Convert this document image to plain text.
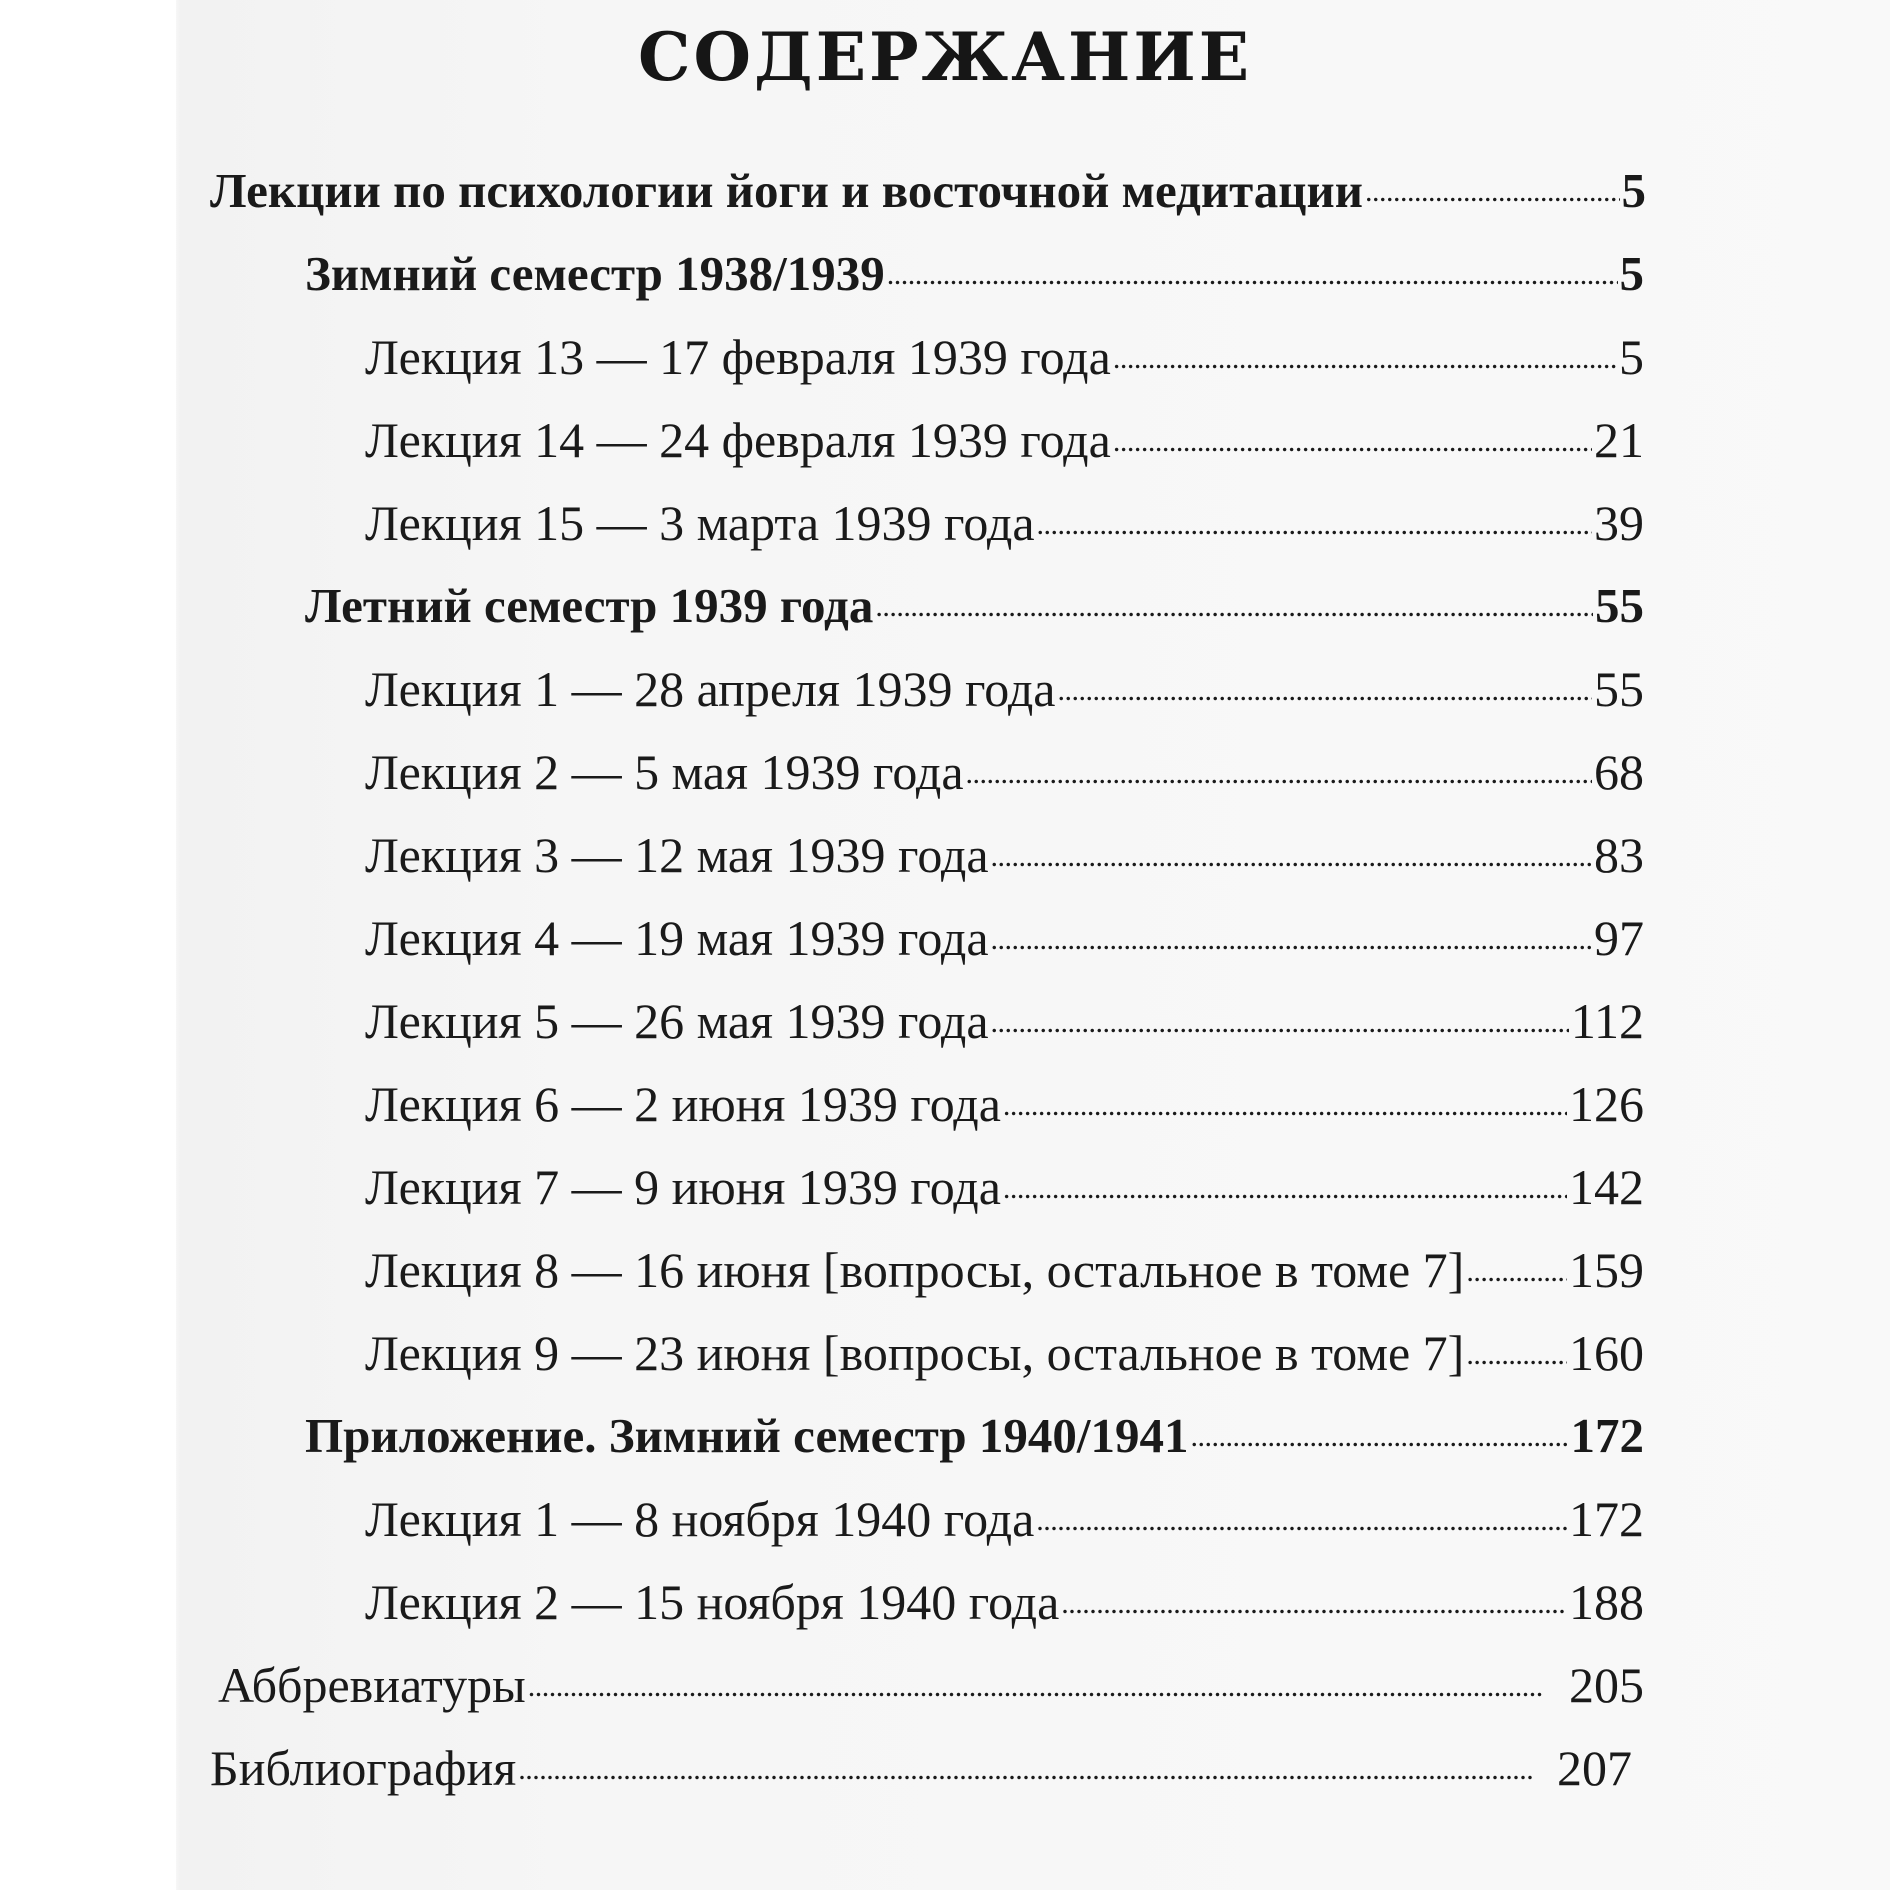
СОДЕРЖАНИЕ
Лекции по психологии йоги и восточной медитации . . .	5
Зимний семестр 1938/1939 . . .	5
Лекция 13 — 17 февраля 1939 года . . .	5
Лекция 14 — 24 февраля 1939 года . . .	21
Лекция 15 — 3 марта 1939 года . . .	39
Летний семестр 1939 года . . .	55
Лекция 1 — 28 апреля 1939 года . . .	55
Лекция 2 — 5 мая 1939 года . . .	68
Лекция 3 — 12 мая 1939 года . . .	83
Лекция 4 — 19 мая 1939 года . . .	97
Лекция 5 — 26 мая 1939 года . . .	112
Лекция 6 — 2 июня 1939 года . . .	126
Лекция 7 — 9 июня 1939 года . . .	142
Лекция 8 — 16 июня [вопросы, остальное в томе 7] . . . 159
Лекция 9 — 23 июня [вопросы, остальное в томе 7] . . . 160
Приложение. Зимний семестр 1940/1941 . . .	172
Лекция 1 — 8 ноября 1940 года . . .	172
Лекция 2 — 15 ноября 1940 года . . .	188
Аббревиатуры . . .	205
Библиография . . .	207
